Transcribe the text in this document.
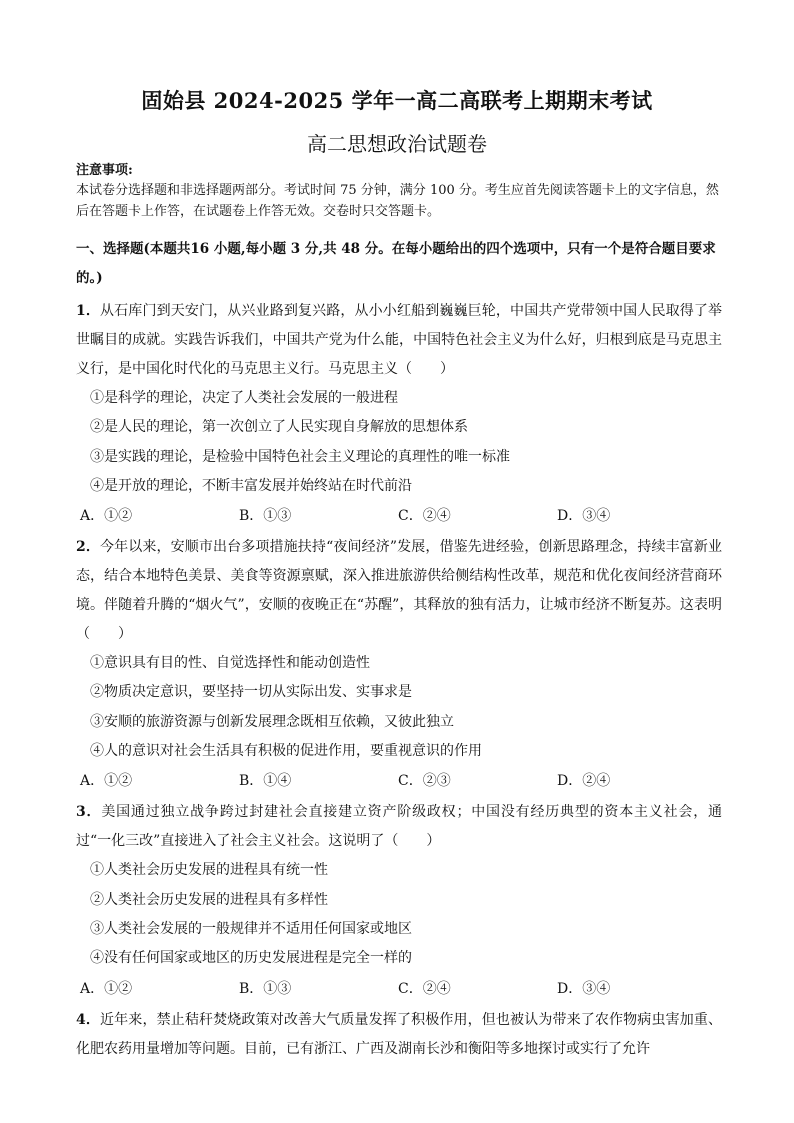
固始县 2024-2025 学年一高二高联考上期期末考试
高二思想政治试题卷
注意事项:
本试卷分选择题和非选择题两部分。考试时间 75 分钟，满分 100 分。考生应首先阅读答题卡上的文字信息，然后在答题卡上作答，在试题卷上作答无效。交卷时只交答题卡。
一、选择题(本题共16 小题,每小题 3 分,共 48 分。在每小题给出的四个选项中，只有一个是符合题目要求的。)

1．从石库门到天安门，从兴业路到复兴路，从小小红船到巍巍巨轮，中国共产党带领中国人民取得了举世瞩目的成就。实践告诉我们，中国共产党为什么能，中国特色社会主义为什么好，归根到底是马克思主义行，是中国化时代化的马克思主义行。马克思主义（　　）

①是科学的理论，决定了人类社会发展的一般进程
②是人民的理论，第一次创立了人民实现自身解放的思想体系
③是实践的理论，是检验中国特色社会主义理论的真理性的唯一标准
④是开放的理论，不断丰富发展并始终站在时代前沿
A．①②	B．①③	C．②④	D．③④

2．今年以来，安顺市出台多项措施扶持“夜间经济”发展，借鉴先进经验，创新思路理念，持续丰富新业态，结合本地特色美景、美食等资源禀赋，深入推进旅游供给侧结构性改革，规范和优化夜间经济营商环境。伴随着升腾的“烟火气”，安顺的夜晚正在“苏醒”，其释放的独有活力，让城市经济不断复苏。这表明（　　）

①意识具有目的性、自觉选择性和能动创造性
②物质决定意识，要坚持一切从实际出发、实事求是
③安顺的旅游资源与创新发展理念既相互依赖，又彼此独立
④人的意识对社会生活具有积极的促进作用，要重视意识的作用
A．①②	B．①④	C．②③	D．②④

3．美国通过独立战争跨过封建社会直接建立资产阶级政权；中国没有经历典型的资本主义社会，通过“一化三改”直接进入了社会主义社会。这说明了（　　）

①人类社会历史发展的进程具有统一性
②人类社会历史发展的进程具有多样性
③人类社会发展的一般规律并不适用任何国家或地区
④没有任何国家或地区的历史发展进程是完全一样的
A．①②	B．①③	C．②④	D．③④

4．近年来，禁止秸秆焚烧政策对改善大气质量发挥了积极作用，但也被认为带来了农作物病虫害加重、化肥农药用量增加等问题。目前，已有浙江、广西及湖南长沙和衡阳等多地探讨或实行了允许
